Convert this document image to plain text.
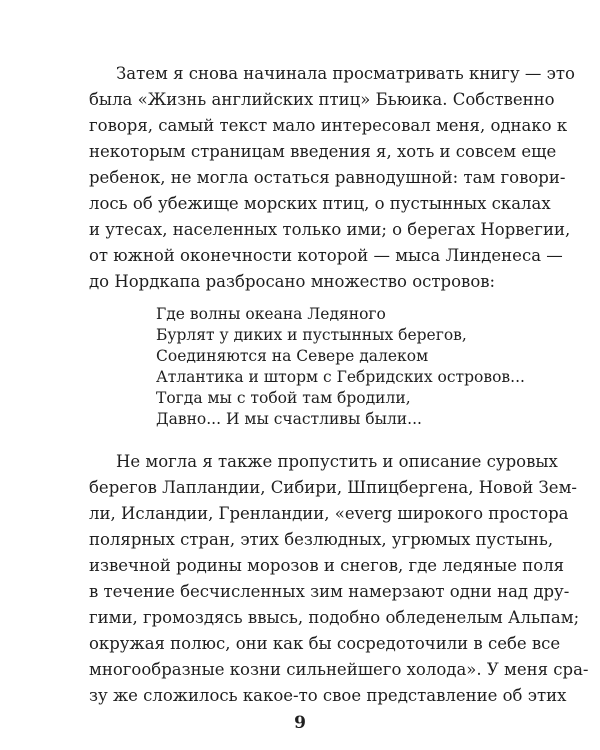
Затем я снова начинала просматривать книгу — это
была «Жизнь английских птиц» Бьюика. Собственно
говоря, самый текст мало интересовал меня, однако к
некоторым страницам введения я, хоть и совсем еще
ребенок, не могла остаться равнодушной: там говори-
лось об убежище морских птиц, о пустынных скалах
и утесах, населенных только ими; о берегах Норвегии,
от южной оконечности которой — мыса Линденеса —
до Нордкапа разбросано множество островов:
Где волны океана Ледяного
Бурлят у диких и пустынных берегов,
Соединяются на Севере далеком
Атлантика и шторм с Гебридских островов...
Тогда мы с тобой там бродили,
Давно... И мы счастливы были...
Не могла я также пропустить и описание суровых
берегов Лапландии, Сибири, Шпицбергена, Новой Зем-
ли, Исландии, Гренландии, «everg широкого простора
полярных стран, этих безлюдных, угрюмых пустынь,
извечной родины морозов и снегов, где ледяные поля
в течение бесчисленных зим намерзают одни над дру-
гими, громоздясь ввысь, подобно обледенелым Альпам;
окружая полюс, они как бы сосредоточили в себе все
многообразные козни сильнейшего холода». У меня сра-
зу же сложилось какое-то свое представление об этих
9
